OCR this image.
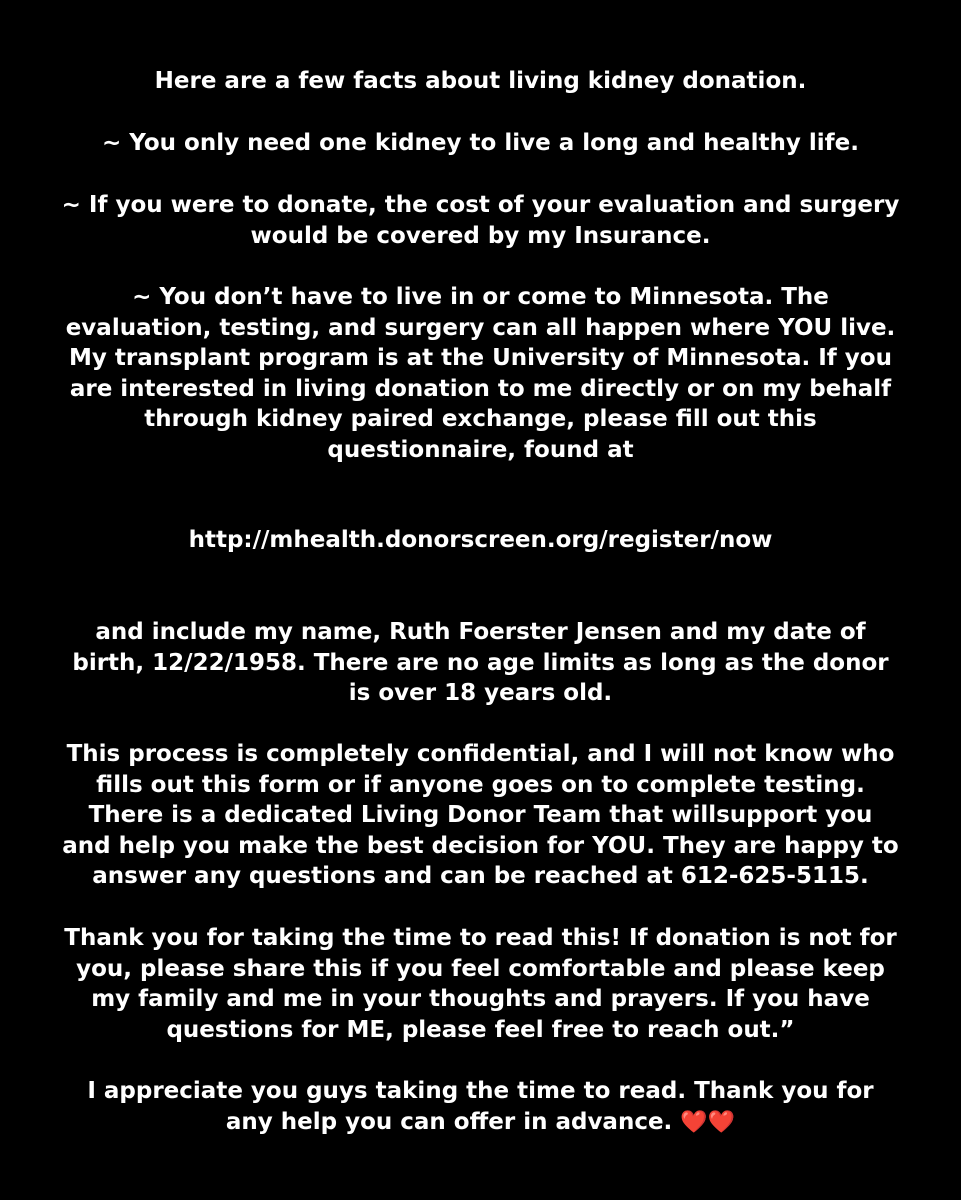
Here are a few facts about living kidney donation.

~ You only need one kidney to live a long and healthy life.

~ If you were to donate, the cost of your evaluation and surgery
would be covered by my Insurance.

~ You don’t have to live in or come to Minnesota. The
evaluation, testing, and surgery can all happen where YOU live.
My transplant program is at the University of Minnesota. If you
are interested in living donation to me directly or on my behalf
through kidney paired exchange, please fill out this
questionnaire, found at

http://mhealth.donorscreen.org/register/now

and include my name, Ruth Foerster Jensen and my date of
birth, 12/22/1958. There are no age limits as long as the donor
is over 18 years old.

This process is completely confidential, and I will not know who
fills out this form or if anyone goes on to complete testing.
There is a dedicated Living Donor Team that willsupport you
and help you make the best decision for YOU. They are happy to
answer any questions and can be reached at 612-625-5115.

Thank you for taking the time to read this! If donation is not for
you, please share this if you feel comfortable and please keep
my family and me in your thoughts and prayers. If you have
questions for ME, please feel free to reach out.”

I appreciate you guys taking the time to read. Thank you for
any help you can offer in advance. ❤️❤️
